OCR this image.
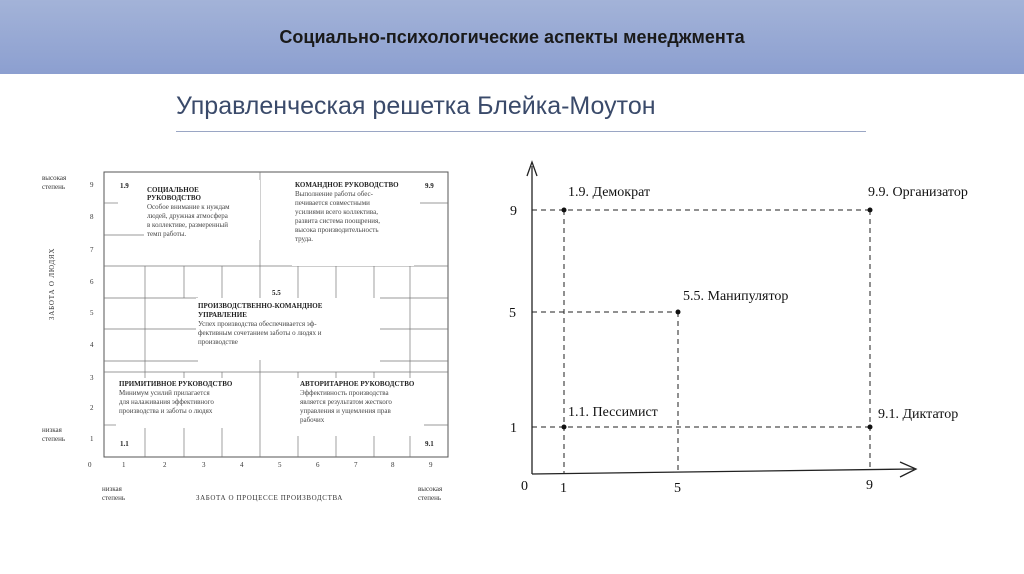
Социально-психологические аспекты менеджмента
Управленческая решетка Блейка-Моутон
высокая
степень
низкая
степень
ЗАБОТА О ЛЮДЯХ
9
8
7
6
5
4
3
2
1
0	1	2	3	4	5	6	7	8	9
низкая
степень
высокая
степень
ЗАБОТА О ПРОЦЕССЕ ПРОИЗВОДСТВА
1.9	9.9
5.5
1.1	9.1
СОЦИАЛЬНОЕ
РУКОВОДСТВО
Особое внимание к нуждам
людей, дружная атмосфера
в коллективе, размеренный
темп работы.
КОМАНДНОЕ РУКОВОДСТВО
Выполнение работы обес-
печивается совместными
усилиями всего коллектива,
развита система поощрения,
высока производительность
труда.
ПРОИЗВОДСТВЕННО-КОМАНДНОЕ
УПРАВЛЕНИЕ
Успех производства обеспечивается эф-
фективным сочетанием заботы о людях и
производстве
ПРИМИТИВНОЕ РУКОВОДСТВО
Минимум усилий прилагается
для налаживания эффективного
производства и заботы о людях
АВТОРИТАРНОЕ РУКОВОДСТВО
Эффективность производства
является результатом жесткого
управления и ущемления прав
рабочих
9
5
1
0 1	5	9
1.9. Демократ	9.9. Организатор
5.5. Манипулятор
1.1. Пессимист	9.1. Диктатор
